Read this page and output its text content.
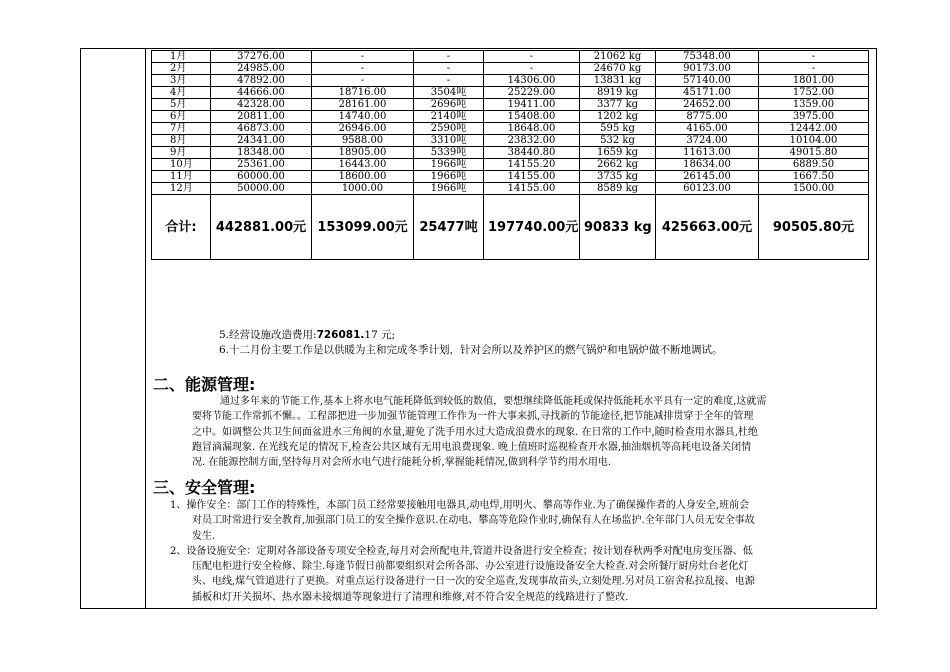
1月	37276.00	-	-	-	21062 kg	75348.00	-
2月	24985.00	-	-	-	24670 kg	90173.00	-
3月	47892.00	-	-	14306.00	13831 kg	57140.00	1801.00
4月	44666.00	18716.00	3504吨	25229.00	8919 kg	45171.00	1752.00
5月	42328.00	28161.00	2696吨	19411.00	3377 kg	24652.00	1359.00
6月	20811.00	14740.00	2140吨	15408.00	1202 kg	8775.00	3975.00
7月	46873.00	26946.00	2590吨	18648.00	595 kg	4165.00	12442.00
8月	24341.00	9588.00	3310吨	23832.00	532 kg	3724.00	10104.00
9月	18348.00	18905.00	5339吨	38440.80	1659 kg	11613.00	49015.80
10月	25361.00	16443.00	1966吨	14155.20	2662 kg	18634.00	6889.50
11月	60000.00	18600.00	1966吨	14155.00	3735 kg	26145.00	1667.50
12月	50000.00	1000.00	1966吨	14155.00	8589 kg	60123.00	1500.00
合计:	442881.00元	153099.00元	25477吨	197740.00元	90833 kg	425663.00元	90505.80元
5.经营设施改造费用:726081.17 元;
6.十二月份主要工作是以供暖为主和完成冬季计划，针对会所以及养护区的燃气锅炉和电锅炉做不断地调试。
二、能源管理:
通过多年来的节能工作,基本上将水电气能耗降低到较低的数值，要想继续降低能耗或保持低能耗水平具有一定的难度,这就需
要将节能工作常抓不懈。。工程部把进一步加强节能管理工作作为一件大事来抓,寻找新的节能途径,把节能减排贯穿于全年的管理
之中。如调整公共卫生间面盆进水三角阀的水量,避免了洗手用水过大造成浪费水的现象. 在日常的工作中,随时检查用水器具,杜绝
跑冒滴漏现象. 在光线充足的情况下,检查公共区域有无用电浪费现象. 晚上值班时巡视检查开水器,抽油烟机等高耗电设备关闭情
况. 在能源控制方面,坚持每月对会所水电气进行能耗分析,掌握能耗情况,做到科学节约用水用电.
三、安全管理:
1、操作安全：部门工作的特殊性，本部门员工经常要接触用电器具,动电焊,用明火、攀高等作业.为了确保操作者的人身安全,班前会
对员工时常进行安全教育,加强部门员工的安全操作意识.在动电、攀高等危险作业时,确保有人在场监护.全年部门人员无安全事故
发生.
2、设备设施安全：定期对各部设备专项安全检查,每月对会所配电井,管道井设备进行安全检查；按计划春秋两季对配电房变压器、低
压配电柜进行安全检修、除尘.每逢节假日前都要组织对会所各部、办公室进行设施设备安全大检查.对会所餐厅厨房灶台老化灯
头、电线,煤气管道进行了更换。对重点运行设备进行一日一次的安全巡查,发现事故苗头,立刻处理.另对员工宿舍私拉乱接、电源
插板和灯开关损坏、热水器未接烟道等现象进行了清理和维修,对不符合安全规范的线路进行了整改.
